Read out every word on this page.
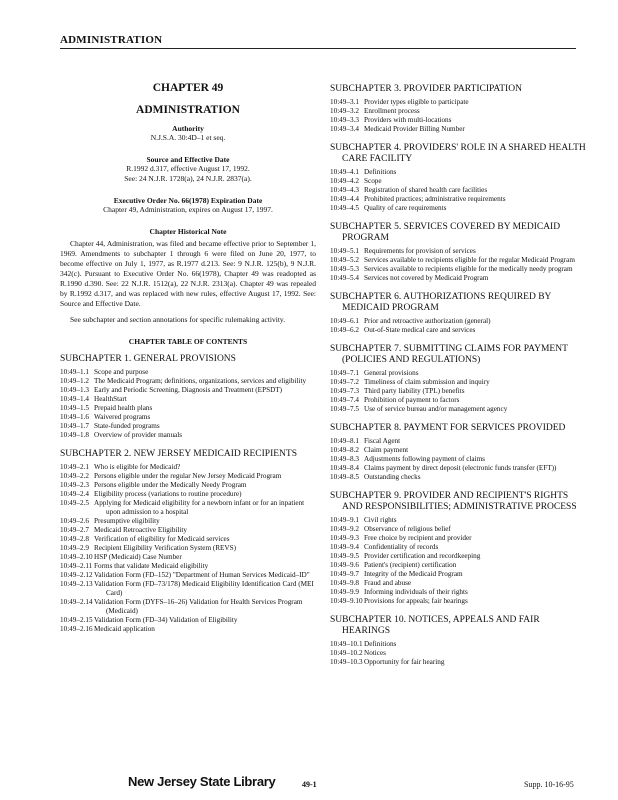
ADMINISTRATION
CHAPTER 49
ADMINISTRATION
Authority
N.J.S.A. 30:4D–1 et seq.
Source and Effective Date
R.1992 d.317, effective August 17, 1992.
See: 24 N.J.R. 1728(a), 24 N.J.R. 2837(a).
Executive Order No. 66(1978) Expiration Date
Chapter 49, Administration, expires on August 17, 1997.
Chapter Historical Note
Chapter 44, Administration, was filed and became effective prior to September 1, 1969. Amendments to subchapter 1 through 6 were filed on June 20, 1977, to become effective on July 1, 1977, as R.1977 d.213. See: 9 N.J.R. 125(b), 9 N.J.R. 342(c). Pursuant to Executive Order No. 66(1978), Chapter 49 was readopted as R.1990 d.390. See: 22 N.J.R. 1512(a), 22 N.J.R. 2313(a). Chapter 49 was repealed by R.1992 d.317, and was replaced with new rules, effective August 17, 1992. See: Source and Effective Date.
See subchapter and section annotations for specific rulemaking activity.
CHAPTER TABLE OF CONTENTS
SUBCHAPTER 1. GENERAL PROVISIONS
10:49–1.1 Scope and purpose
10:49–1.2 The Medicaid Program; definitions, organizations, services and eligibility
10:49–1.3 Early and Periodic Screening, Diagnosis and Treatment (EPSDT)
10:49–1.4 HealthStart
10:49–1.5 Prepaid health plans
10:49–1.6 Waivered programs
10:49–1.7 State-funded programs
10:49–1.8 Overview of provider manuals
SUBCHAPTER 2. NEW JERSEY MEDICAID RECIPIENTS
10:49–2.1 Who is eligible for Medicaid?
10:49–2.2 Persons eligible under the regular New Jersey Medicaid Program
10:49–2.3 Persons eligible under the Medically Needy Program
10:49–2.4 Eligibility process (variations to routine procedure)
10:49–2.5 Applying for Medicaid eligibility for a newborn infant or for an inpatient upon admission to a hospital
10:49–2.6 Presumptive eligibility
10:49–2.7 Medicaid Retroactive Eligibility
10:49–2.8 Verification of eligibility for Medicaid services
10:49–2.9 Recipient Eligibility Verification System (REVS)
10:49–2.10 HSP (Medicaid) Case Number
10:49–2.11 Forms that validate Medicaid eligibility
10:49–2.12 Validation Form (FD–152) "Department of Human Services Medicaid–ID"
10:49–2.13 Validation Form (FD–73/178) Medicaid Eligibility Identification Card (MEI Card)
10:49–2.14 Validation Form (DYFS–16–26) Validation for Health Services Program (Medicaid)
10:49–2.15 Validation Form (FD–34) Validation of Eligibility
10:49–2.16 Medicaid application
SUBCHAPTER 3. PROVIDER PARTICIPATION
10:49–3.1 Provider types eligible to participate
10:49–3.2 Enrollment process
10:49–3.3 Providers with multi-locations
10:49–3.4 Medicaid Provider Billing Number
SUBCHAPTER 4. PROVIDERS' ROLE IN A SHARED HEALTH CARE FACILITY
10:49–4.1 Definitions
10:49–4.2 Scope
10:49–4.3 Registration of shared health care facilities
10:49–4.4 Prohibited practices; administrative requirements
10:49–4.5 Quality of care requirements
SUBCHAPTER 5. SERVICES COVERED BY MEDICAID PROGRAM
10:49–5.1 Requirements for provision of services
10:49–5.2 Services available to recipients eligible for the regular Medicaid Program
10:49–5.3 Services available to recipients eligible for the medically needy program
10:49–5.4 Services not covered by Medicaid Program
SUBCHAPTER 6. AUTHORIZATIONS REQUIRED BY MEDICAID PROGRAM
10:49–6.1 Prior and retroactive authorization (general)
10:49–6.2 Out-of-State medical care and services
SUBCHAPTER 7. SUBMITTING CLAIMS FOR PAYMENT (POLICIES AND REGULATIONS)
10:49–7.1 General provisions
10:49–7.2 Timeliness of claim submission and inquiry
10:49–7.3 Third party liability (TPL) benefits
10:49–7.4 Prohibition of payment to factors
10:49–7.5 Use of service bureau and/or management agency
SUBCHAPTER 8. PAYMENT FOR SERVICES PROVIDED
10:49–8.1 Fiscal Agent
10:49–8.2 Claim payment
10:49–8.3 Adjustments following payment of claims
10:49–8.4 Claims payment by direct deposit (electronic funds transfer (EFT))
10:49–8.5 Outstanding checks
SUBCHAPTER 9. PROVIDER AND RECIPIENT'S RIGHTS AND RESPONSIBILITIES; ADMINISTRATIVE PROCESS
10:49–9.1 Civil rights
10:49–9.2 Observance of religious belief
10:49–9.3 Free choice by recipient and provider
10:49–9.4 Confidentiality of records
10:49–9.5 Provider certification and recordkeeping
10:49–9.6 Patient's (recipient) certification
10:49–9.7 Integrity of the Medicaid Program
10:49–9.8 Fraud and abuse
10:49–9.9 Informing individuals of their rights
10:49–9.10 Provisions for appeals; fair hearings
SUBCHAPTER 10. NOTICES, APPEALS AND FAIR HEARINGS
10:49–10.1 Definitions
10:49–10.2 Notices
10:49–10.3 Opportunity for fair hearing
New Jersey State Library	49-1	Supp. 10-16-95
